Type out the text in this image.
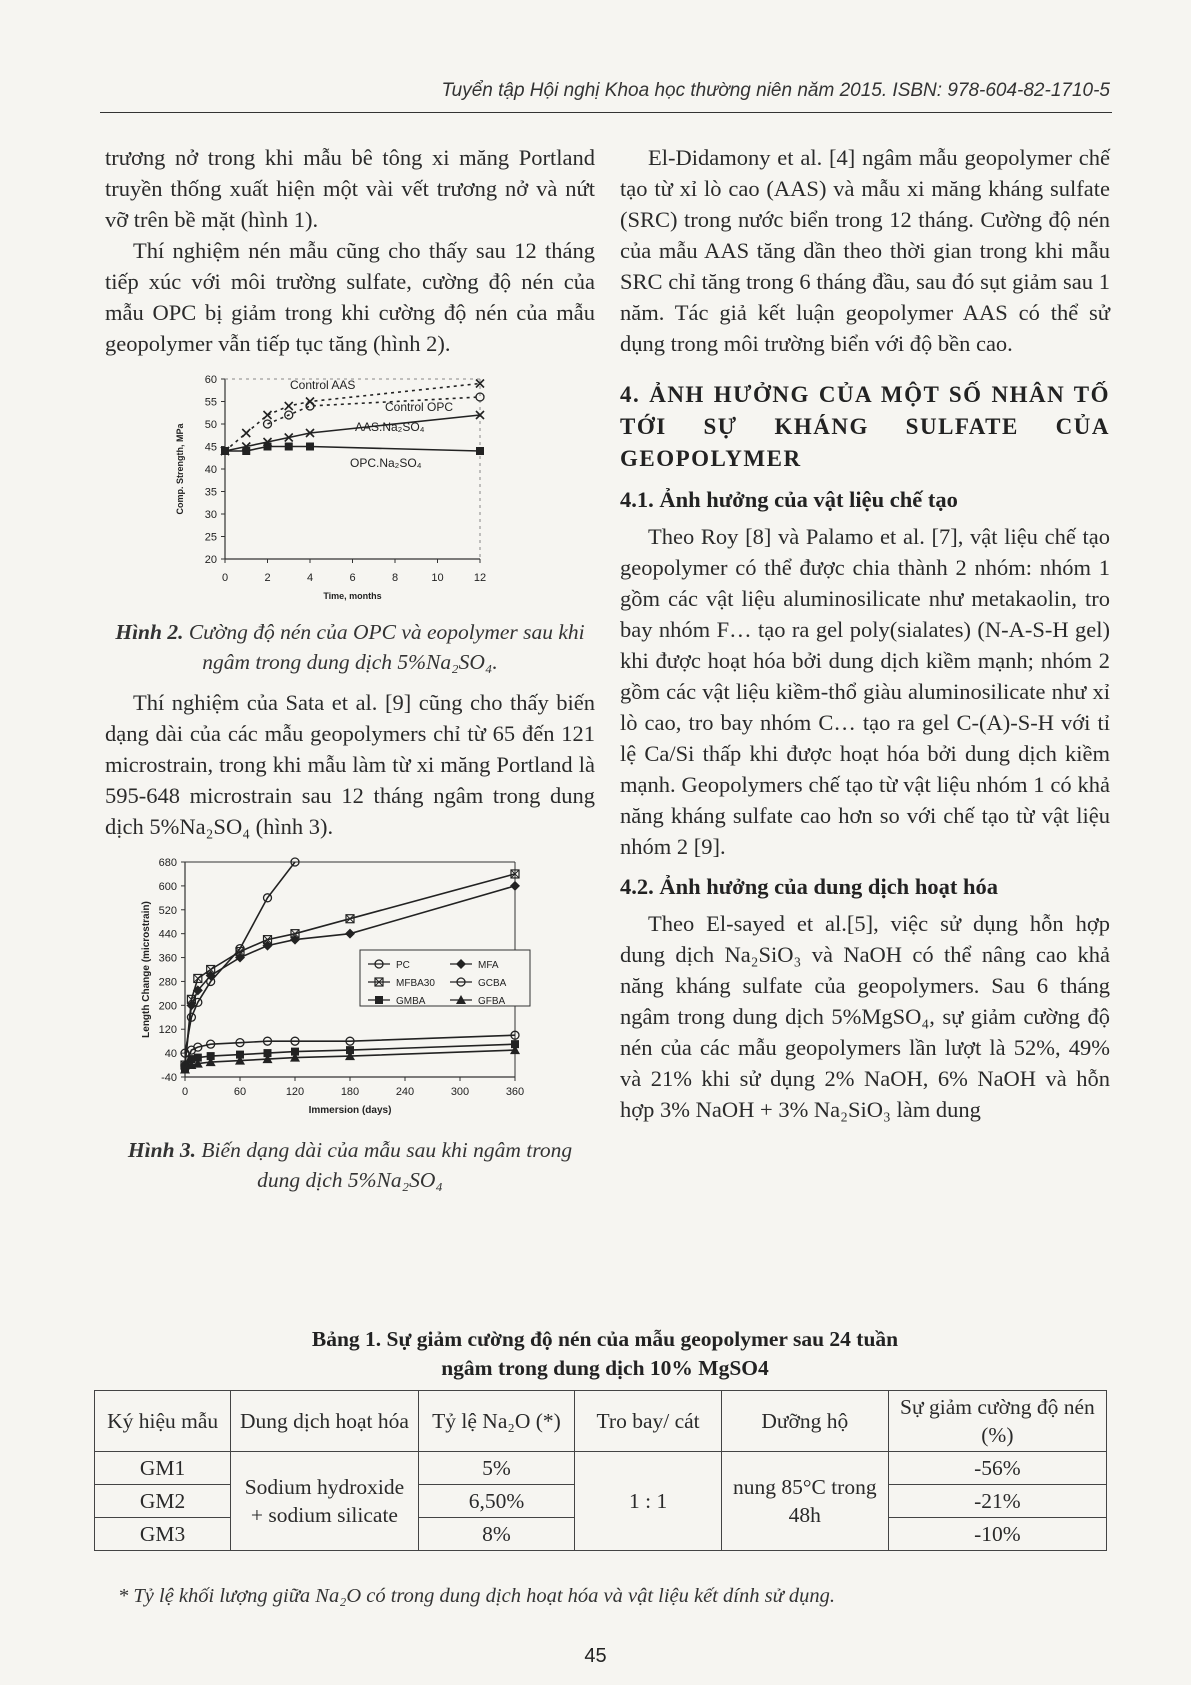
Tuyển tập Hội nghị Khoa học thường niên năm 2015. ISBN: 978-604-82-1710-5

trương nở trong khi mẫu bê tông xi măng Portland truyền thống xuất hiện một vài vết trương nở và nứt vỡ trên bề mặt (hình 1).

Thí nghiệm nén mẫu cũng cho thấy sau 12 tháng tiếp xúc với môi trường sulfate, cường độ nén của mẫu OPC bị giảm trong khi cường độ nén của mẫu geopolymer vẫn tiếp tục tăng (hình 2).

0	2	4	6	8	10	12
20
25
30
35
40
45
50
55
60
Time, months
Comp. Strength, MPa
Control AAS
Control OPC
AAS.Na₂SO₄
OPC.Na₂SO₄
Hình 2. Cường độ nén của OPC và eopolymer sau khi ngâm trong dung dịch 5%Na₂SO₄.

Thí nghiệm của Sata et al. [9] cũng cho thấy biến dạng dài của các mẫu geopolymers chỉ từ 65 đến 121 microstrain, trong khi mẫu làm từ xi măng Portland là 595-648 microstrain sau 12 tháng ngâm trong dung dịch 5%Na₂SO₄ (hình 3).

0	60	120	180	240	300	360
-40
40
120
200
280
360
440
520
600
680
Immersion (days)
Length Change (microstrain)	PC	MFA
MFBA30	GCBA
GMBA	GFBA
Hình 3. Biến dạng dài của mẫu sau khi ngâm trong dung dịch 5%Na₂SO₄

El-Didamony et al. [4] ngâm mẫu geopolymer chế tạo từ xỉ lò cao (AAS) và mẫu xi măng kháng sulfate (SRC) trong nước biển trong 12 tháng. Cường độ nén của mẫu AAS tăng dần theo thời gian trong khi mẫu SRC chỉ tăng trong 6 tháng đầu, sau đó sụt giảm sau 1 năm. Tác giả kết luận geopolymer AAS có thể sử dụng trong môi trường biển với độ bền cao.

4. ẢNH HƯỞNG CỦA MỘT SỐ NHÂN TỐ TỚI SỰ KHÁNG SULFATE CỦA GEOPOLYMER
4.1. Ảnh hưởng của vật liệu chế tạo

Theo Roy [8] và Palamo et al. [7], vật liệu chế tạo geopolymer có thể được chia thành 2 nhóm: nhóm 1 gồm các vật liệu aluminosilicate như metakaolin, tro bay nhóm F… tạo ra gel poly(sialates) (N-A-S-H gel) khi được hoạt hóa bởi dung dịch kiềm mạnh; nhóm 2 gồm các vật liệu kiềm-thổ giàu aluminosilicate như xỉ lò cao, tro bay nhóm C… tạo ra gel C-(A)-S-H với tỉ lệ Ca/Si thấp khi được hoạt hóa bởi dung dịch kiềm mạnh. Geopolymers chế tạo từ vật liệu nhóm 1 có khả năng kháng sulfate cao hơn so với chế tạo từ vật liệu nhóm 2 [9].

4.2. Ảnh hưởng của dung dịch hoạt hóa

Theo El-sayed et al.[5], việc sử dụng hỗn hợp dung dịch Na₂SiO₃ và NaOH có thể nâng cao khả năng kháng sulfate của geopolymers. Sau 6 tháng ngâm trong dung dịch 5%MgSO₄, sự giảm cường độ nén của các mẫu geopolymers lần lượt là 52%, 49% và 21% khi sử dụng 2% NaOH, 6% NaOH và hỗn hợp 3% NaOH + 3% Na₂SiO₃ làm dung

Bảng 1. Sự giảm cường độ nén của mẫu geopolymer sau 24 tuần
ngâm trong dung dịch 10% MgSO4
Ký hiệu mẫu	Dung dịch hoạt hóa	Tỷ lệ Na₂O (*)	Tro bay/ cát	Dưỡng hộ	Sự giảm cường độ nén (%)
GM1	Sodium hydroxide + sodium silicate	5%	1 : 1	nung 85°C trong 48h	-56%
GM2		6,50%			-21%
GM3		8%			-10%
* Tỷ lệ khối lượng giữa Na₂O có trong dung dịch hoạt hóa và vật liệu kết dính sử dụng.
45
